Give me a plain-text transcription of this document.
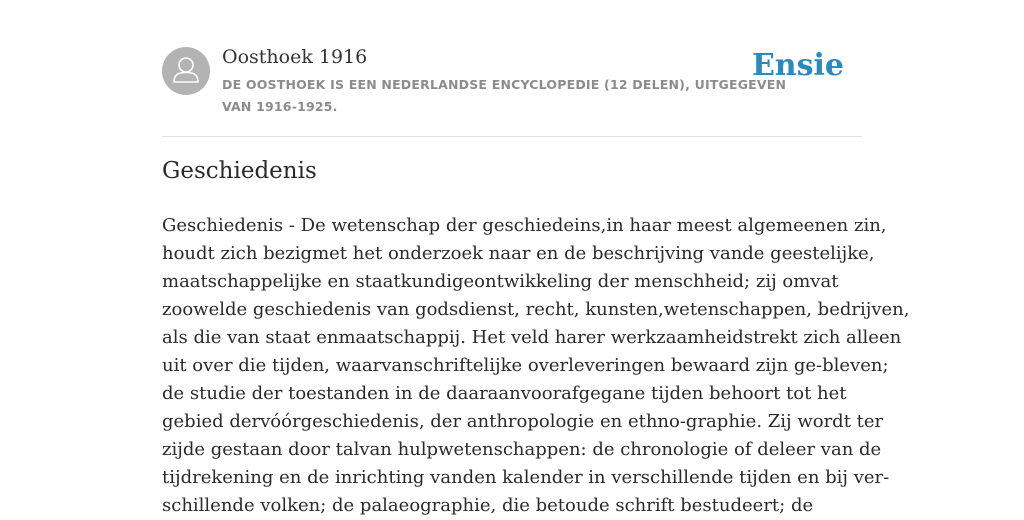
Oosthoek 1916
DE OOSTHOEK IS EEN NEDERLANDSE ENCYCLOPEDIE (12 DELEN), UITGEGEVEN
VAN 1916-1925.
Ensie
Geschiedenis
Geschiedenis - De wetenschap der geschiedeins,in haar meest algemeenen zin,
houdt zich bezigmet het onderzoek naar en de beschrijving vande geestelijke,
maatschappelijke en staatkundigeontwikkeling der menschheid; zij omvat
zoowelde geschiedenis van godsdienst, recht, kunsten,wetenschappen, bedrijven,
als die van staat enmaatschappij. Het veld harer werkzaamheidstrekt zich alleen
uit over die tijden, waarvanschriftelijke overleveringen bewaard zijn ge-bleven;
de studie der toestanden in de daaraanvoorafgegane tijden behoort tot het
gebied dervóórgeschiedenis, der anthropologie en ethno-graphie. Zij wordt ter
zijde gestaan door talvan hulpwetenschappen: de chronologie of deleer van de
tijdrekening en de inrichting vanden kalender in verschillende tijden en bij ver-
schillende volken; de palaeographie, die betoude schrift bestudeert; de
